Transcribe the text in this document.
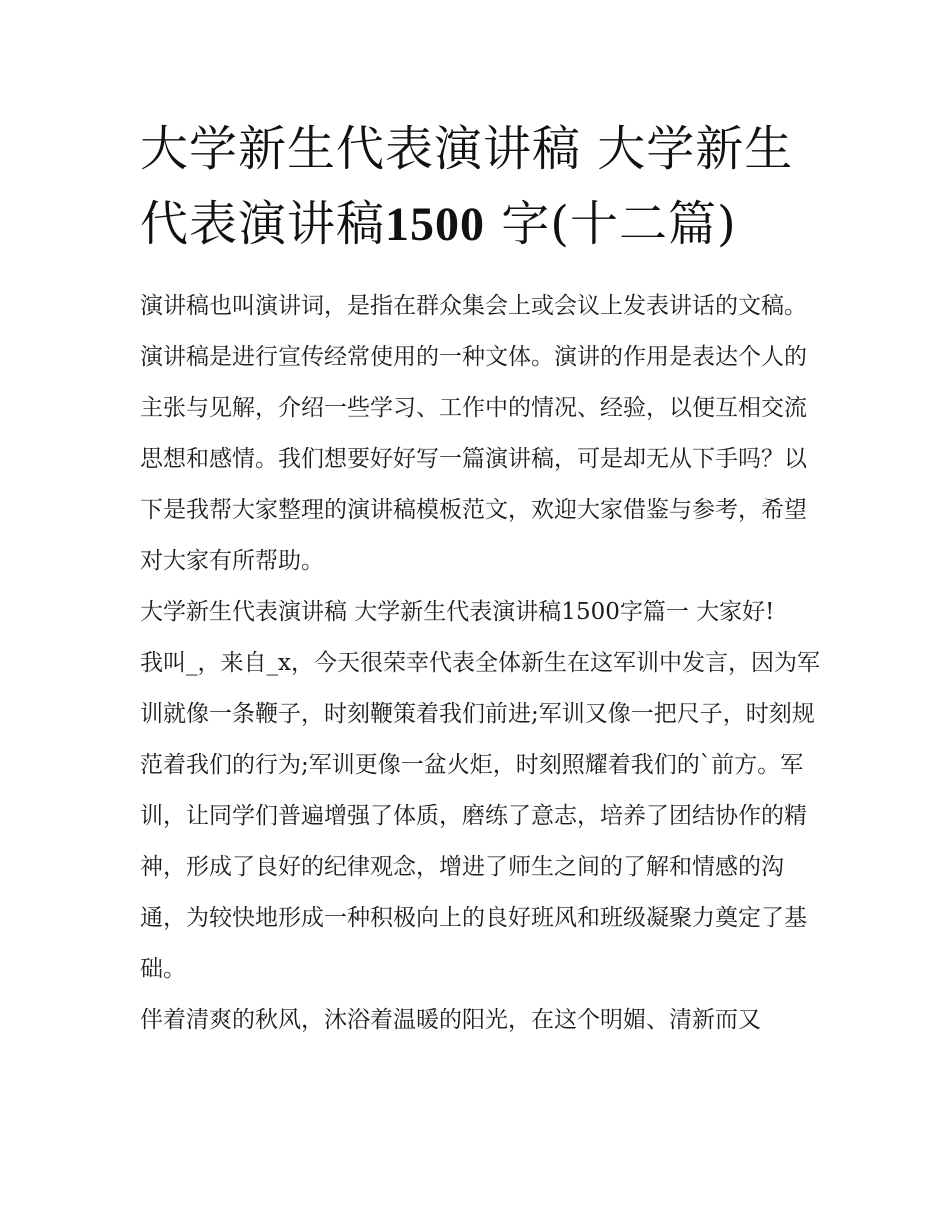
大学新生代表演讲稿 大学新生代表演讲稿1500 字(十二篇)

演讲稿也叫演讲词，是指在群众集会上或会议上发表讲话的文稿。演讲稿是进行宣传经常使用的一种文体。演讲的作用是表达个人的主张与见解，介绍一些学习、工作中的情况、经验，以便互相交流思想和感情。我们想要好好写一篇演讲稿，可是却无从下手吗？以下是我帮大家整理的演讲稿模板范文，欢迎大家借鉴与参考，希望对大家有所帮助。

大学新生代表演讲稿 大学新生代表演讲稿1500字篇一 大家好!

我叫_，来自_x，今天很荣幸代表全体新生在这军训中发言，因为军训就像一条鞭子，时刻鞭策着我们前进;军训又像一把尺子，时刻规范着我们的行为;军训更像一盆火炬，时刻照耀着我们的`前方。军训，让同学们普遍增强了体质，磨练了意志，培养了团结协作的精神，形成了良好的纪律观念，增进了师生之间的了解和情感的沟通，为较快地形成一种积极向上的良好班风和班级凝聚力奠定了基础。

伴着清爽的秋风，沐浴着温暖的阳光，在这个明媚、清新而又
